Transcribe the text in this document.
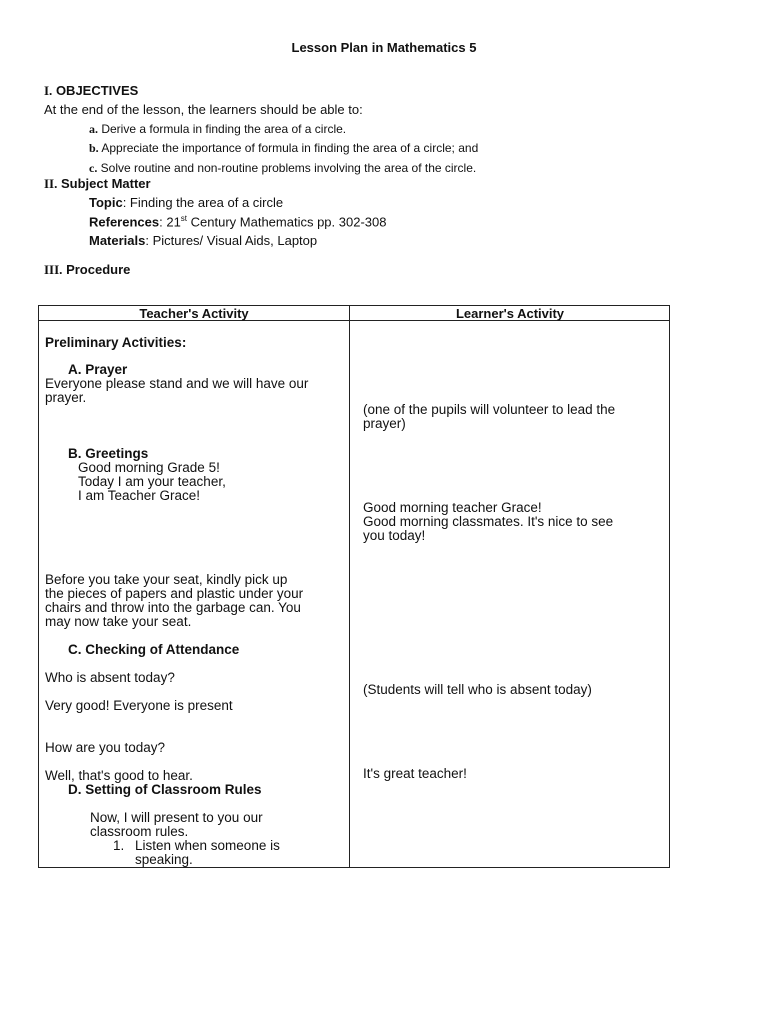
Lesson Plan in Mathematics 5
I. OBJECTIVES
At the end of the lesson, the learners should be able to:
a. Derive a formula in finding the area of a circle.
b. Appreciate the importance of formula in finding the area of a circle; and
c. Solve routine and non-routine problems involving the area of the circle.
II. Subject Matter
Topic: Finding the area of a circle
References: 21st Century Mathematics pp. 302-308
Materials: Pictures/ Visual Aids, Laptop
III. Procedure
Teacher's Activity	Learner's Activity
Preliminary Activities:
A. Prayer
Everyone please stand and we will have our
prayer.
B. Greetings
Good morning Grade 5!
Today I am your teacher,
I am Teacher Grace!
Before you take your seat, kindly pick up
the pieces of papers and plastic under your
chairs and throw into the garbage can. You
may now take your seat.
C. Checking of Attendance
Who is absent today?
Very good! Everyone is present
How are you today?
Well, that's good to hear.
D. Setting of Classroom Rules
Now, I will present to you our
classroom rules.
1. Listen when someone is
speaking.
(one of the pupils will volunteer to lead the
prayer)
Good morning teacher Grace!
Good morning classmates. It's nice to see
you today!
(Students will tell who is absent today)
It's great teacher!
